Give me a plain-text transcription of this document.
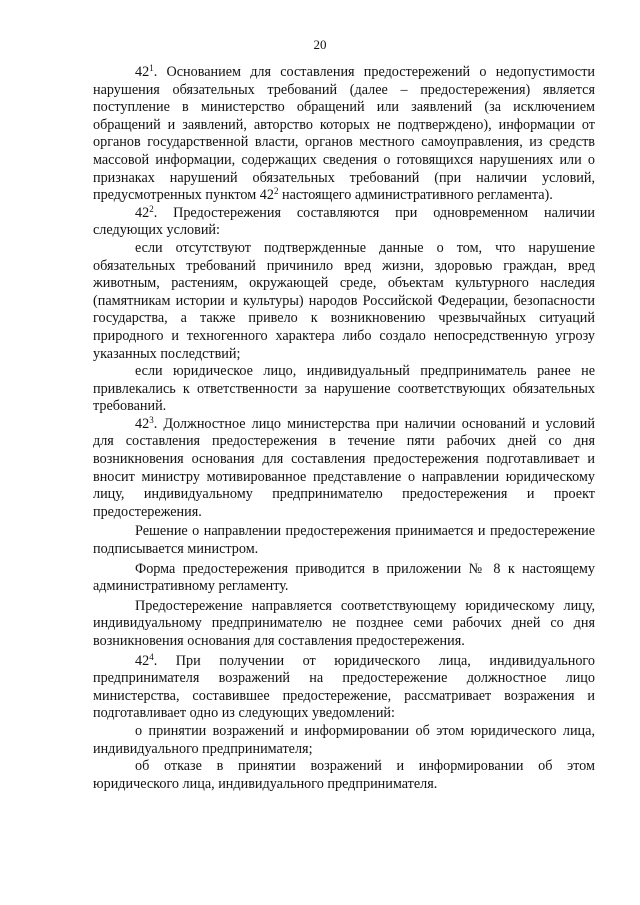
20

$42^1$. Основанием для составления предостережений о недопустимости нарушения обязательных требований (далее – предостережения) является поступление в министерство обращений или заявлений (за исключением обращений и заявлений, авторство которых не подтверждено), информации от органов государственной власти, органов местного самоуправления, из средств массовой информации, содержащих сведения о готовящихся нарушениях или о признаках нарушений обязательных требований (при наличии условий, предусмотренных пунктом $42^2$ настоящего административного регламента).

$42^2$. Предостережения составляются при одновременном наличии следующих условий:

если отсутствуют подтвержденные данные о том, что нарушение обязательных требований причинило вред жизни, здоровью граждан, вред животным, растениям, окружающей среде, объектам культурного наследия (памятникам истории и культуры) народов Российской Федерации, безопасности государства, а также привело к возникновению чрезвычайных ситуаций природного и техногенного характера либо создало непосредственную угрозу указанных последствий;

если юридическое лицо, индивидуальный предприниматель ранее не привлекались к ответственности за нарушение соответствующих обязательных требований.

$42^3$. Должностное лицо министерства при наличии оснований и условий для составления предостережения в течение пяти рабочих дней со дня возникновения основания для составления предостережения подготавливает и вносит министру мотивированное представление о направлении юридическому лицу, индивидуальному предпринимателю предостережения и проект предостережения.

Решение о направлении предостережения принимается и предостережение подписывается министром.

Форма предостережения приводится в приложении № 8 к настоящему административному регламенту.

Предостережение направляется соответствующему юридическому лицу, индивидуальному предпринимателю не позднее семи рабочих дней со дня возникновения основания для составления предостережения.

$42^4$. При получении от юридического лица, индивидуального предпринимателя возражений на предостережение должностное лицо министерства, составившее предостережение, рассматривает возражения и подготавливает одно из следующих уведомлений:

о принятии возражений и информировании об этом юридического лица, индивидуального предпринимателя;

об отказе в принятии возражений и информировании об этом юридического лица, индивидуального предпринимателя.
